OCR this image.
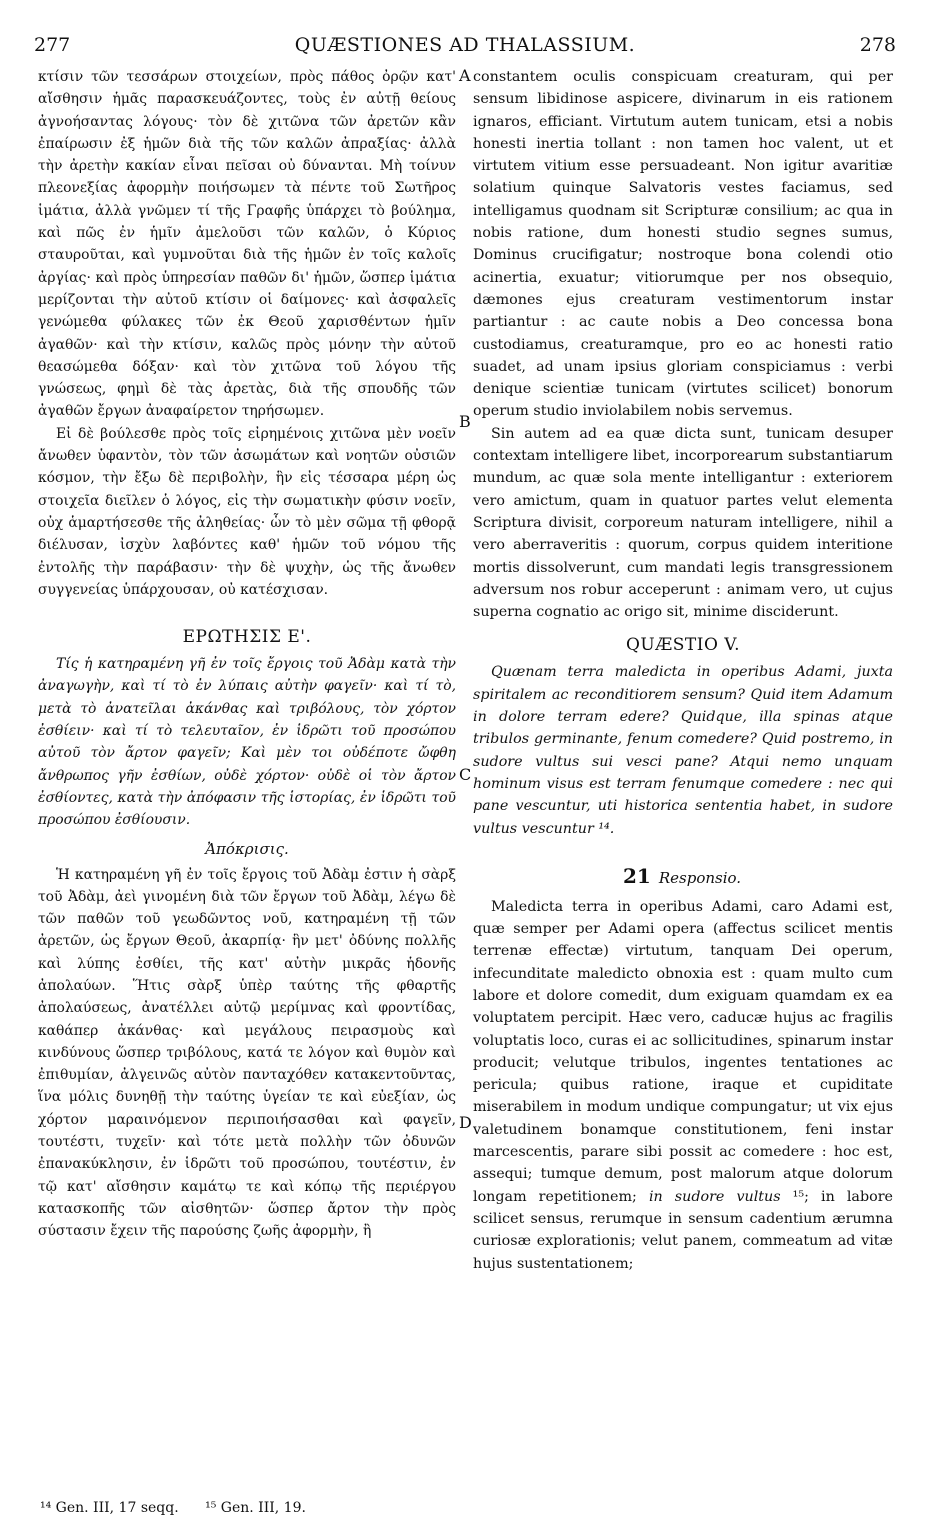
277	QUÆSTIONES AD THALASSIUM.	278

κτίσιν τῶν τεσσάρων στοιχείων, πρὸς πάθος ὀρῷν κατ' αἴσθησιν ἡμᾶς παρασκευάζοντες, τοὺς ἐν αὐτῇ θείους ἀγνοήσαντας λόγους· τὸν δὲ χιτῶνα τῶν ἀρετῶν κἂν ἐπαίρωσιν ἐξ ἡμῶν διὰ τῆς τῶν καλῶν ἀπραξίας· ἀλλὰ τὴν ἀρετὴν κακίαν εἶναι πεῖσαι οὐ δύνανται. Μὴ τοίνυν πλεονεξίας ἀφορμὴν ποιήσωμεν τὰ πέντε τοῦ Σωτῆρος ἱμάτια, ἀλλὰ γνῶμεν τί τῆς Γραφῆς ὑπάρχει τὸ βούλημα, καὶ πῶς ἐν ἡμῖν ἀμελοῦσι τῶν καλῶν, ὁ Κύριος σταυροῦται, καὶ γυμνοῦται διὰ τῆς ἡμῶν ἐν τοῖς καλοῖς ἀργίας· καὶ πρὸς ὑπηρεσίαν παθῶν δι' ἡμῶν, ὥσπερ ἱμάτια μερίζονται τὴν αὐτοῦ κτίσιν οἱ δαίμονες· καὶ ἀσφαλεῖς γενώμεθα φύλακες τῶν ἐκ Θεοῦ χαρισθέντων ἡμῖν ἀγαθῶν· καὶ τὴν κτίσιν, καλῶς πρὸς μόνην τὴν αὐτοῦ θεασώμεθα δόξαν· καὶ τὸν χιτῶνα τοῦ λόγου τῆς γνώσεως, φημὶ δὲ τὰς ἀρετὰς, διὰ τῆς σπουδῆς τῶν ἀγαθῶν ἔργων ἀναφαίρετον τηρήσωμεν.

Εἰ δὲ βούλεσθε πρὸς τοῖς εἰρημένοις χιτῶνα μὲν νοεῖν ἄνωθεν ὑφαντὸν, τὸν τῶν ἀσωμάτων καὶ νοητῶν οὐσιῶν κόσμον, τὴν ἔξω δὲ περιβολὴν, ἣν εἰς τέσσαρα μέρη ὡς στοιχεῖα διεῖλεν ὁ λόγος, εἰς τὴν σωματικὴν φύσιν νοεῖν, οὐχ ἁμαρτήσεσθε τῆς ἀληθείας· ὧν τὸ μὲν σῶμα τῇ φθορᾷ διέλυσαν, ἰσχὺν λαβόντες καθ' ἡμῶν τοῦ νόμου τῆς ἐντολῆς τὴν παράβασιν· τὴν δὲ ψυχὴν, ὡς τῆς ἄνωθεν συγγενείας ὑπάρχουσαν, οὐ κατέσχισαν.

ΕΡΩΤΗΣΙΣ Ε'.

Τίς ἡ κατηραμένη γῆ ἐν τοῖς ἔργοις τοῦ Ἀδὰμ κατὰ τὴν ἀναγωγὴν, καὶ τί τὸ ἐν λύπαις αὐτὴν φαγεῖν· καὶ τί τὸ, μετὰ τὸ ἀνατεῖλαι ἀκάνθας καὶ τριβόλους, τὸν χόρτον ἐσθίειν· καὶ τί τὸ τελευταῖον, ἐν ἱδρῶτι τοῦ προσώπου αὐτοῦ τὸν ἄρτον φαγεῖν; Καὶ μὲν τοι οὐδέποτε ὤφθη ἄνθρωπος γῆν ἐσθίων, οὐδὲ χόρτον· οὐδὲ οἱ τὸν ἄρτον ἐσθίοντες, κατὰ τὴν ἀπόφασιν τῆς ἱστορίας, ἐν ἱδρῶτι τοῦ προσώπου ἐσθίουσιν.

Ἀπόκρισις.

Ἡ κατηραμένη γῆ ἐν τοῖς ἔργοις τοῦ Ἀδὰμ ἐστιν ἡ σὰρξ τοῦ Ἀδὰμ, ἀεὶ γινομένη διὰ τῶν ἔργων τοῦ Ἀδὰμ, λέγω δὲ τῶν παθῶν τοῦ γεωδῶντος νοῦ, κατηραμένη τῇ τῶν ἀρετῶν, ὡς ἔργων Θεοῦ, ἀκαρπίᾳ· ἣν μετ' ὀδύνης πολλῆς καὶ λύπης ἐσθίει, τῆς κατ' αὐτὴν μικρᾶς ἡδονῆς ἀπολαύων. Ἥτις σὰρξ ὑπὲρ ταύτης τῆς φθαρτῆς ἀπολαύσεως, ἀνατέλλει αὐτῷ μερίμνας καὶ φροντίδας, καθάπερ ἀκάνθας· καὶ μεγάλους πειρασμοὺς καὶ κινδύνους ὥσπερ τριβόλους, κατά τε λόγον καὶ θυμὸν καὶ ἐπιθυμίαν, ἀλγεινῶς αὐτὸν πανταχόθεν κατακεντοῦντας, ἵνα μόλις δυνηθῇ τὴν ταύτης ὑγείαν τε καὶ εὐεξίαν, ὡς χόρτον μαραινόμενον περιποιήσασθαι καὶ φαγεῖν, τουτέστι, τυχεῖν· καὶ τότε μετὰ πολλὴν τῶν ὀδυνῶν ἐπανακύκλησιν, ἐν ἱδρῶτι τοῦ προσώπου, τουτέστιν, ἐν τῷ κατ' αἴσθησιν καμάτῳ τε καὶ κόπῳ τῆς περιέργου κατασκοπῆς τῶν αἰσθητῶν· ὥσπερ ἄρτον τὴν πρὸς σύστασιν ἔχειν τῆς παρούσης ζωῆς ἀφορμὴν, ἢ

A
B
C
D

constantem oculis conspicuam creaturam, qui per sensum libidinose aspicere, divinarum in eis rationem ignaros, efficiant. Virtutum autem tunicam, etsi a nobis honesti inertia tollant : non tamen hoc valent, ut et virtutem vitium esse persuadeant. Non igitur avaritiæ solatium quinque Salvatoris vestes faciamus, sed intelligamus quodnam sit Scripturæ consilium; ac qua in nobis ratione, dum honesti studio segnes sumus, Dominus crucifigatur; nostroque bona colendi otio acinertia, exuatur; vitiorumque per nos obsequio, dæmones ejus creaturam vestimentorum instar partiantur : ac caute nobis a Deo concessa bona custodiamus, creaturamque, pro eo ac honesti ratio suadet, ad unam ipsius gloriam conspiciamus : verbi denique scientiæ tunicam (virtutes scilicet) bonorum operum studio inviolabilem nobis servemus.

Sin autem ad ea quæ dicta sunt, tunicam desuper contextam intelligere libet, incorporearum substantiarum mundum, ac quæ sola mente intelligantur : exteriorem vero amictum, quam in quatuor partes velut elementa Scriptura divisit, corporeum naturam intelligere, nihil a vero aberraveritis : quorum, corpus quidem interitione mortis dissolverunt, cum mandati legis transgressionem adversum nos robur acceperunt : animam vero, ut cujus superna cognatio ac origo sit, minime disciderunt.

QUÆSTIO V.

Quænam terra maledicta in operibus Adami, juxta spiritalem ac reconditiorem sensum? Quid item Adamum in dolore terram edere? Quidque, illa spinas atque tribulos germinante, fenum comedere? Quid postremo, in sudore vultus sui vesci pane? Atqui nemo unquam hominum visus est terram fenumque comedere : nec qui pane vescuntur, uti historica sententia habet, in sudore vultus vescuntur ¹⁴.

21 Responsio.

Maledicta terra in operibus Adami, caro Adami est, quæ semper per Adami opera (affectus scilicet mentis terrenæ effectæ) virtutum, tanquam Dei operum, infecunditate maledicto obnoxia est : quam multo cum labore et dolore comedit, dum exiguam quamdam ex ea voluptatem percipit. Hæc vero, caducæ hujus ac fragilis voluptatis loco, curas ei ac sollicitudines, spinarum instar producit; velutque tribulos, ingentes tentationes ac pericula; quibus ratione, iraque et cupiditate miserabilem in modum undique compungatur; ut vix ejus valetudinem bonamque constitutionem, feni instar marcescentis, parare sibi possit ac comedere : hoc est, assequi; tumque demum, post malorum atque dolorum longam repetitionem; in sudore vultus ¹⁵; in labore scilicet sensus, rerumque in sensum cadentium ærumna curiosæ explorationis; velut panem, commeatum ad vitæ hujus sustentationem;

¹⁴ Gen. III, 17 seqq. ¹⁵ Gen. III, 19.
